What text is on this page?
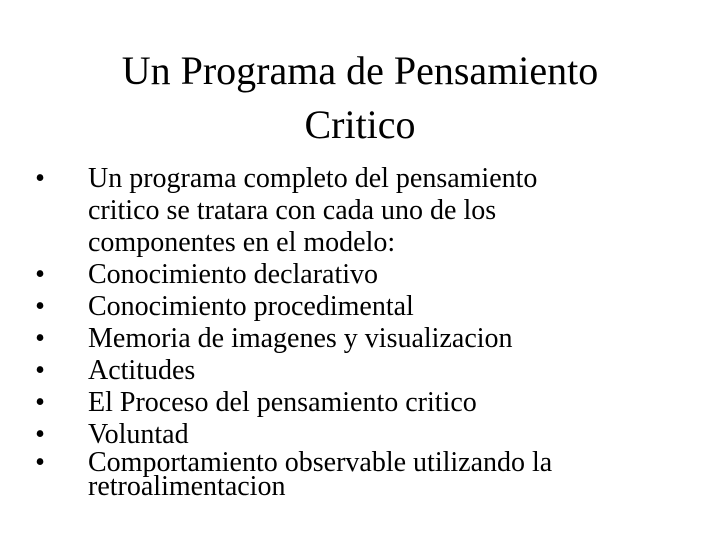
Un Programa de Pensamiento
Critico
• Un programa completo del pensamiento
critico se tratara con cada uno de los
componentes en el modelo:
• Conocimiento declarativo
• Conocimiento procedimental
• Memoria de imagenes y visualizacion
• Actitudes
• El Proceso del pensamiento critico
• Voluntad
• Comportamiento observable utilizando la
retroalimentacion
